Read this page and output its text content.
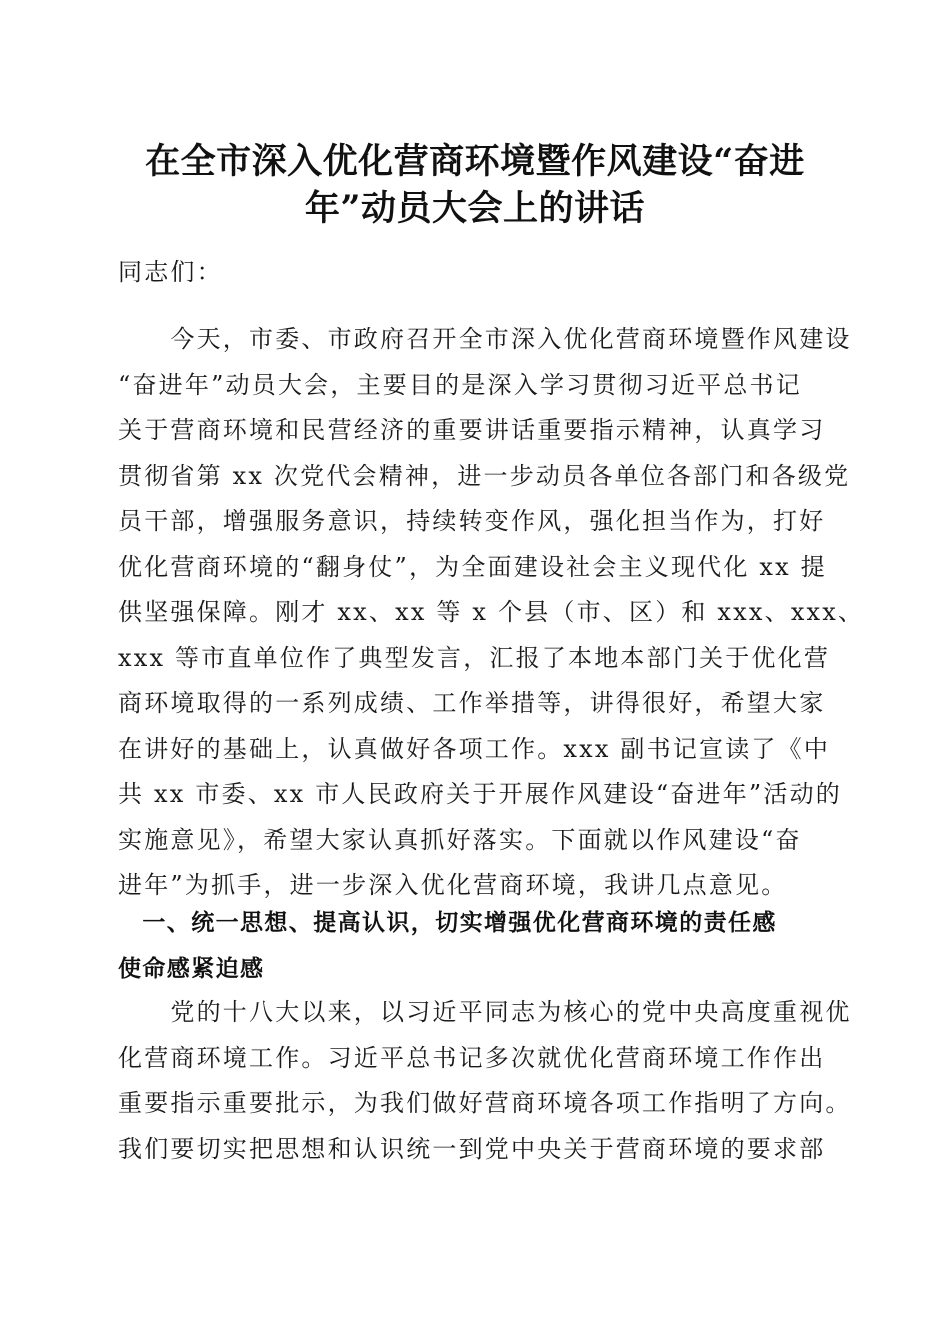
在全市深入优化营商环境暨作风建设“奋进
年”动员大会上的讲话
同志们：
　　今天，市委、市政府召开全市深入优化营商环境暨作风建设
“奋进年”动员大会，主要目的是深入学习贯彻习近平总书记
关于营商环境和民营经济的重要讲话重要指示精神，认真学习
贯彻省第 xx 次党代会精神，进一步动员各单位各部门和各级党
员干部，增强服务意识，持续转变作风，强化担当作为，打好
优化营商环境的“翻身仗”，为全面建设社会主义现代化 xx 提
供坚强保障。刚才 xx、xx 等 x 个县（市、区）和 xxx、xxx、
xxx 等市直单位作了典型发言，汇报了本地本部门关于优化营
商环境取得的一系列成绩、工作举措等，讲得很好，希望大家
在讲好的基础上，认真做好各项工作。xxx 副书记宣读了《中
共 xx 市委、xx 市人民政府关于开展作风建设“奋进年”活动的
实施意见》，希望大家认真抓好落实。下面就以作风建设“奋
进年”为抓手，进一步深入优化营商环境，我讲几点意见。
　一、统一思想、提高认识，切实增强优化营商环境的责任感
使命感紧迫感
　　党的十八大以来，以习近平同志为核心的党中央高度重视优
化营商环境工作。习近平总书记多次就优化营商环境工作作出
重要指示重要批示，为我们做好营商环境各项工作指明了方向。
我们要切实把思想和认识统一到党中央关于营商环境的要求部
